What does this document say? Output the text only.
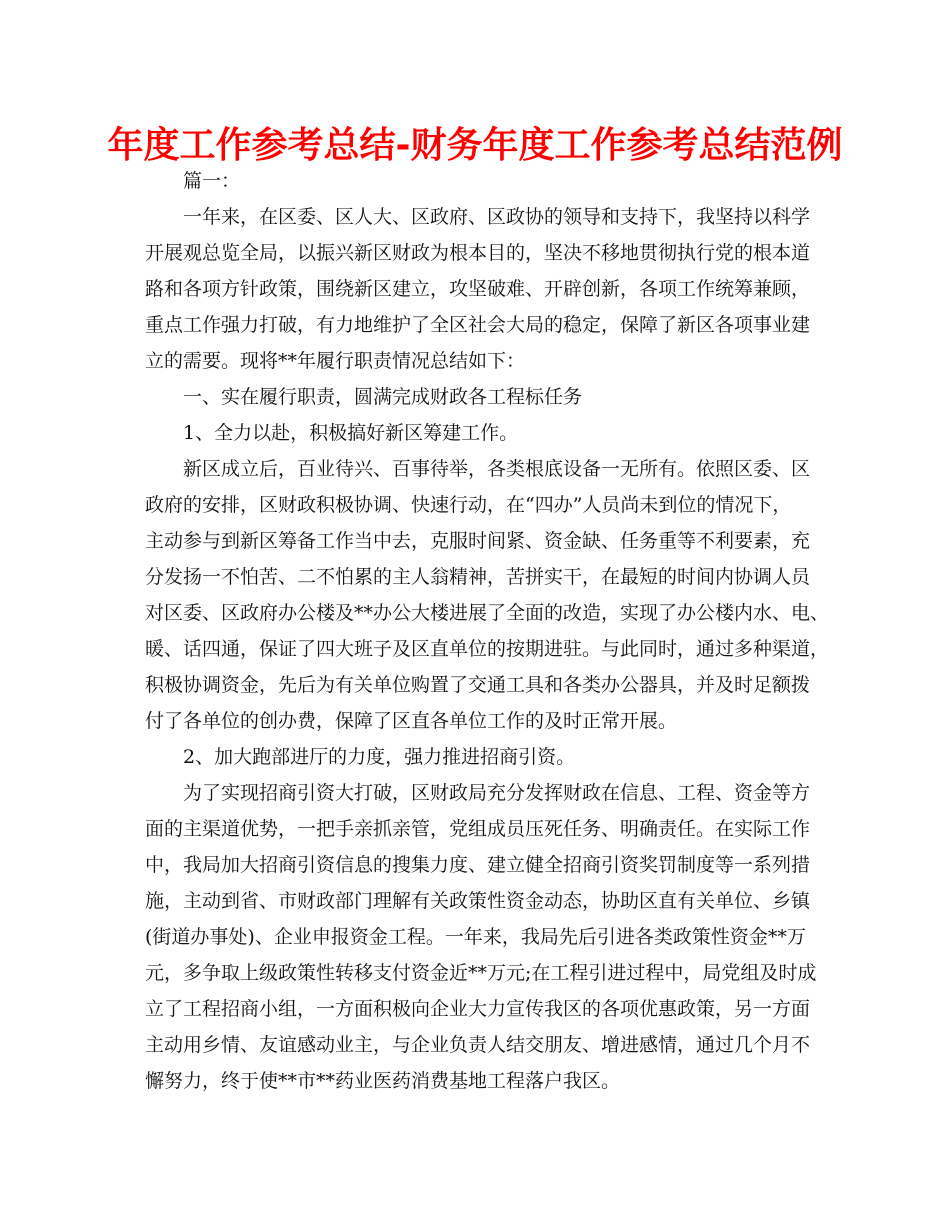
年度工作参考总结-财务年度工作参考总结范例

篇一：

一年来，在区委、区人大、区政府、区政协的领导和支持下，我坚持以科学

开展观总览全局，以振兴新区财政为根本目的，坚决不移地贯彻执行党的根本道

路和各项方针政策，围绕新区建立，攻坚破难、开辟创新，各项工作统筹兼顾，

重点工作强力打破，有力地维护了全区社会大局的稳定，保障了新区各项事业建

立的需要。现将**年履行职责情况总结如下：

一、实在履行职责，圆满完成财政各工程标任务

1、全力以赴，积极搞好新区筹建工作。

新区成立后，百业待兴、百事待举，各类根底设备一无所有。依照区委、区

政府的安排，区财政积极协调、快速行动，在“四办”人员尚未到位的情况下，

主动参与到新区筹备工作当中去，克服时间紧、资金缺、任务重等不利要素，充

分发扬一不怕苦、二不怕累的主人翁精神，苦拼实干，在最短的时间内协调人员

对区委、区政府办公楼及**办公大楼进展了全面的改造，实现了办公楼内水、电、

暖、话四通，保证了四大班子及区直单位的按期进驻。与此同时，通过多种渠道，

积极协调资金，先后为有关单位购置了交通工具和各类办公器具，并及时足额拨

付了各单位的创办费，保障了区直各单位工作的及时正常开展。

2、加大跑部进厅的力度，强力推进招商引资。

为了实现招商引资大打破，区财政局充分发挥财政在信息、工程、资金等方

面的主渠道优势，一把手亲抓亲管，党组成员压死任务、明确责任。在实际工作

中，我局加大招商引资信息的搜集力度、建立健全招商引资奖罚制度等一系列措

施，主动到省、市财政部门理解有关政策性资金动态，协助区直有关单位、乡镇

(街道办事处)、企业申报资金工程。一年来，我局先后引进各类政策性资金**万

元，多争取上级政策性转移支付资金近**万元;在工程引进过程中，局党组及时成

立了工程招商小组，一方面积极向企业大力宣传我区的各项优惠政策，另一方面

主动用乡情、友谊感动业主，与企业负责人结交朋友、增进感情，通过几个月不

懈努力，终于使**市**药业医药消费基地工程落户我区。
